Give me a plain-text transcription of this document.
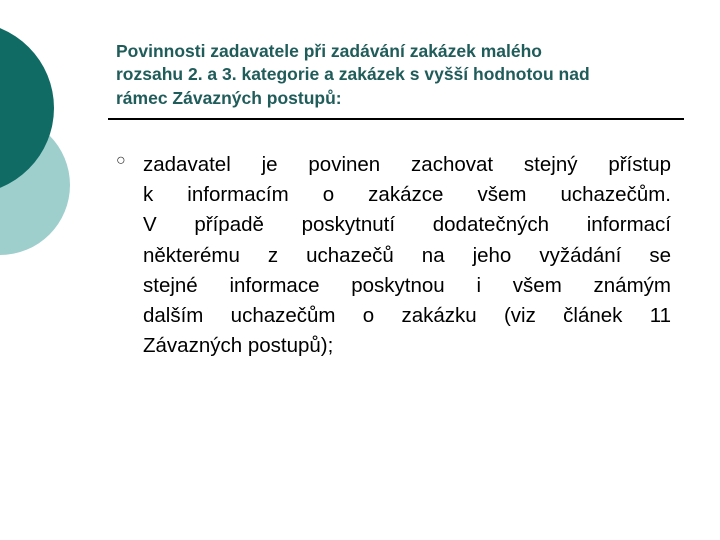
Povinnosti zadavatele při zadávání zakázek malého
rozsahu 2. a 3. kategorie a zakázek s vyšší hodnotou nad
rámec Závazných postupů:
○ zadavatel je povinen zachovat stejný přístup
k informacím o zakázce všem uchazečům.
V případě poskytnutí dodatečných informací
některému z uchazečů na jeho vyžádání se
stejné informace poskytnou i všem známým
dalším uchazečům o zakázku (viz článek 11
Závazných postupů);
